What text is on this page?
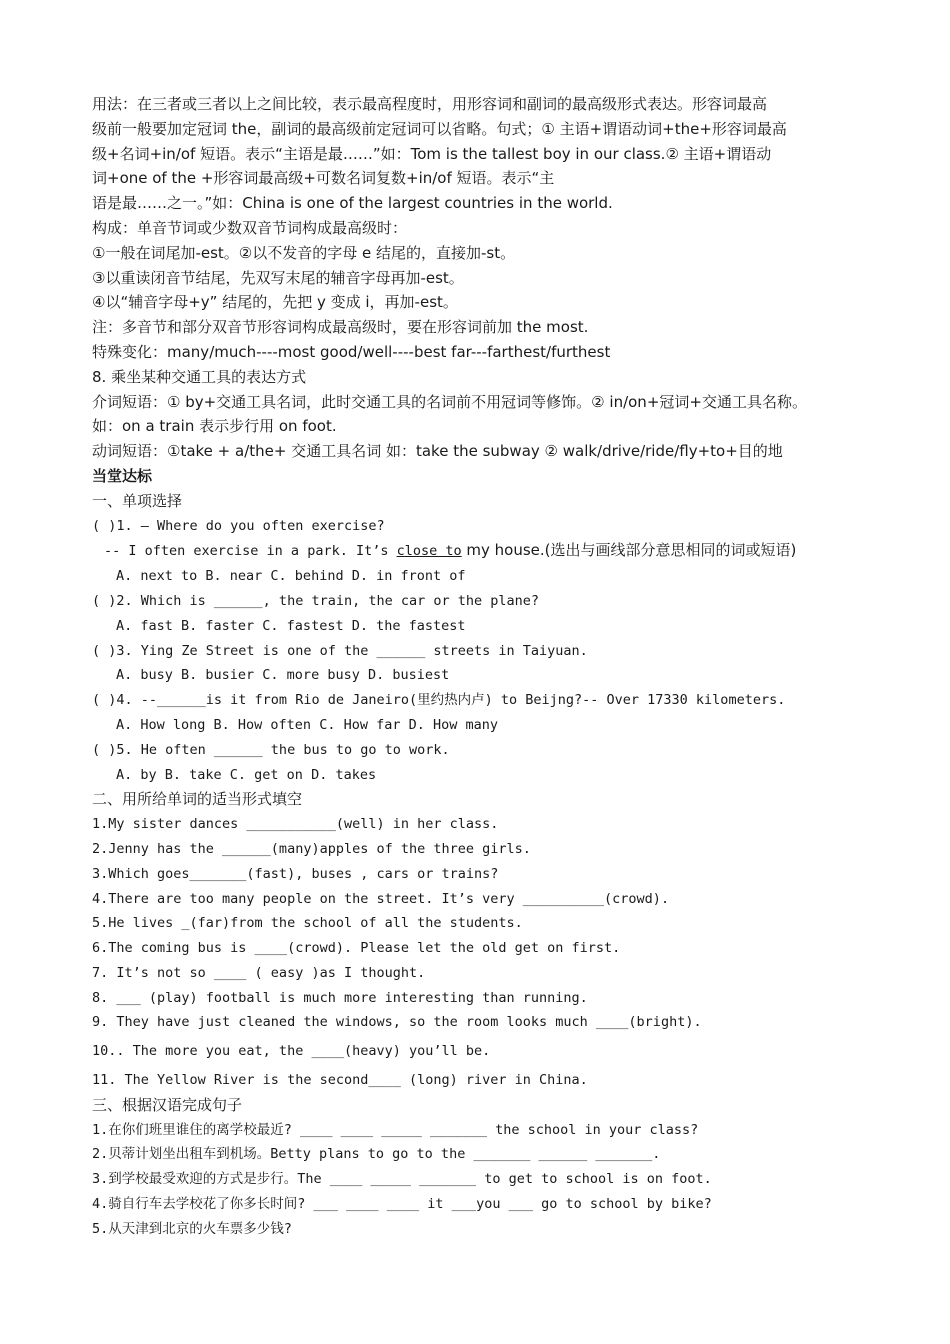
用法：在三者或三者以上之间比较，表示最高程度时，用形容词和副词的最高级形式表达。形容词最高
级前一般要加定冠词 the，副词的最高级前定冠词可以省略。句式；① 主语+谓语动词+the+形容词最高
级+名词+in/of 短语。表示“主语是最……”如：Tom is the tallest boy in our class.② 主语+谓语动
词+one of the +形容词最高级+可数名词复数+in/of 短语。表示“主
语是最……之一。”如：China is one of the largest countries in the world.
构成：单音节词或少数双音节词构成最高级时：
①一般在词尾加-est。②以不发音的字母 e 结尾的，直接加-st。
③以重读闭音节结尾，先双写末尾的辅音字母再加-est。
④以“辅音字母+y” 结尾的，先把 y 变成 i，再加-est。
注：多音节和部分双音节形容词构成最高级时，要在形容词前加 the most.
特殊变化：many/much----most good/well----best far---farthest/furthest
8. 乘坐某种交通工具的表达方式
介词短语：① by+交通工具名词，此时交通工具的名词前不用冠词等修饰。② in/on+冠词+交通工具名称。
如：on a train 表示步行用 on foot.
动词短语：①take + a/the+ 交通工具名词 如：take the subway ② walk/drive/ride/fly+to+目的地
当堂达标
一、单项选择
( )1. – Where do you often exercise?
-- I often exercise in a park. It’s close to my house.(选出与画线部分意思相同的词或短语)
A. next to B. near C. behind D. in front of
( )2. Which is ______, the train, the car or the plane?
A. fast B. faster C. fastest D. the fastest
( )3. Ying Ze Street is one of the ______ streets in Taiyuan.
A. busy B. busier C. more busy D. busiest
( )4. --______is it from Rio de Janeiro(里约热内卢) to Beijng?-- Over 17330 kilometers.
A. How long B. How often C. How far D. How many
( )5. He often ______ the bus to go to work.
A. by B. take C. get on D. takes
二、用所给单词的适当形式填空
1.My sister dances ___________(well) in her class.
2.Jenny has the ______(many)apples of the three girls.
3.Which goes_______(fast), buses , cars or trains?
4.There are too many people on the street. It’s very __________(crowd).
5.He lives _(far)from the school of all the students.
6.The coming bus is ____(crowd). Please let the old get on first.
7. It’s not so ____ ( easy )as I thought.
8. ___ (play) football is much more interesting than running.
9. They have just cleaned the windows, so the room looks much ____(bright).
10.. The more you eat, the ____(heavy) you’ll be.
11. The Yellow River is the second____ (long) river in China.
三、根据汉语完成句子
1.在你们班里谁住的离学校最近? ____ ____ _____ _______ the school in your class?
2.贝蒂计划坐出租车到机场。Betty plans to go to the _______ ______ _______.
3.到学校最受欢迎的方式是步行。The ____ _____ _______ to get to school is on foot.
4.骑自行车去学校花了你多长时间? ___ ____ ____ it ___you ___ go to school by bike?
5.从天津到北京的火车票多少钱?
